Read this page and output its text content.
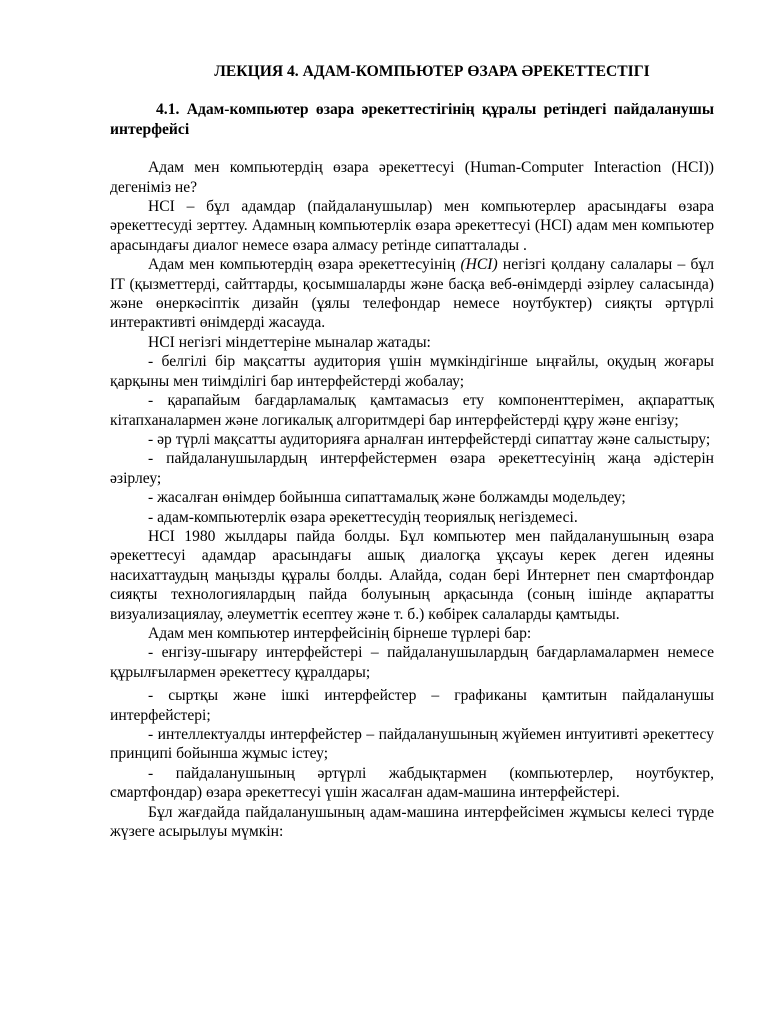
ЛЕКЦИЯ 4. АДАМ-КОМПЬЮТЕР ӨЗАРА ӘРЕКЕТТЕСТІГІ
4.1. Адам-компьютер өзара әрекеттестігінің құралы ретіндегі пайдаланушы интерфейсі

Адам мен компьютердің өзара әрекеттесуі (Human-Computer Interaction (HCI)) дегеніміз не?

HCI – бұл адамдар (пайдаланушылар) мен компьютерлер арасындағы өзара әрекеттесуді зерттеу. Адамның компьютерлік өзара әрекеттесуі (HCI) адам мен компьютер арасындағы диалог немесе өзара алмасу ретінде сипатталады .

Адам мен компьютердің өзара әрекеттесуінің (HCI) негізгі қолдану салалары – бұл IT (қызметтерді, сайттарды, қосымшаларды және басқа веб-өнімдерді әзірлеу саласында) және өнеркәсіптік дизайн (ұялы телефондар немесе ноутбуктер) сияқты әртүрлі интерактивті өнімдерді жасауда.

HCI негізгі міндеттеріне мыналар жатады:

- белгілі бір мақсатты аудитория үшін мүмкіндігінше ыңғайлы, оқудың жоғары қарқыны мен тиімділігі бар интерфейстерді жобалау;
- қарапайым бағдарламалық қамтамасыз ету компоненттерімен, ақпараттық кітапханалармен және логикалық алгоритмдері бар интерфейстерді құру және енгізу;
- әр түрлі мақсатты аудиторияға арналған интерфейстерді сипаттау және салыстыру;
- пайдаланушылардың интерфейстермен өзара әрекеттесуінің жаңа әдістерін әзірлеу;
- жасалған өнімдер бойынша сипаттамалық және болжамды модельдеу;
- адам-компьютерлік өзара әрекеттесудің теориялық негіздемесі.

HCI 1980 жылдары пайда болды. Бұл компьютер мен пайдаланушының өзара әрекеттесуі адамдар арасындағы ашық диалогқа ұқсауы керек деген идеяны насихаттаудың маңызды құралы болды. Алайда, содан бері Интернет пен смартфондар сияқты технологиялардың пайда болуының арқасында (соның ішінде ақпаратты визуализациялау, әлеуметтік есептеу және т. б.) көбірек салаларды қамтыды.

Адам мен компьютер интерфейсінің бірнеше түрлері бар:

- енгізу-шығару интерфейстері – пайдаланушылардың бағдарламалармен немесе құрылғылармен әрекеттесу құралдары;
- сыртқы және ішкі интерфейстер – графиканы қамтитын пайдаланушы интерфейстері;
- интеллектуалды интерфейстер – пайдаланушының жүйемен интуитивті әрекеттесу принципі бойынша жұмыс істеу;
- пайдаланушының әртүрлі жабдықтармен (компьютерлер, ноутбуктер, смартфондар) өзара әрекеттесуі үшін жасалған адам-машина интерфейстері.

Бұл жағдайда пайдаланушының адам-машина интерфейсімен жұмысы келесі түрде жүзеге асырылуы мүмкін:
